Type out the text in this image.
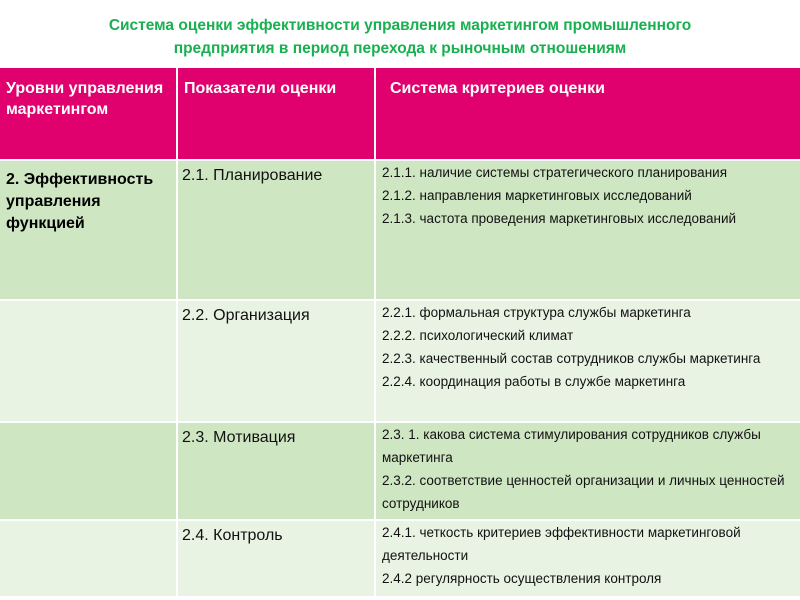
Система оценки эффективности управления маркетингом промышленного
предприятия в период перехода к рыночным отношениям
Уровни управления маркетингом	Показатели оценки	Система критериев оценки
2. Эффективность управления функцией	2.1. Планирование	2.1.1. наличие системы стратегического планирования
2.1.2. направления маркетинговых исследований
2.1.3. частота проведения маркетинговых исследований

	2.2. Организация	2.2.1. формальная структура службы маркетинга
2.2.2. психологический климат
2.2.3. качественный состав сотрудников службы маркетинга
2.2.4. координация работы в службе маркетинга

	2.3. Мотивация	2.3. 1. какова система стимулирования сотрудников службы маркетинга
2.3.2. соответствие ценностей организации и личных ценностей сотрудников

	2.4. Контроль	2.4.1. четкость критериев эффективности маркетинговой деятельности
2.4.2 регулярность осуществления контроля
